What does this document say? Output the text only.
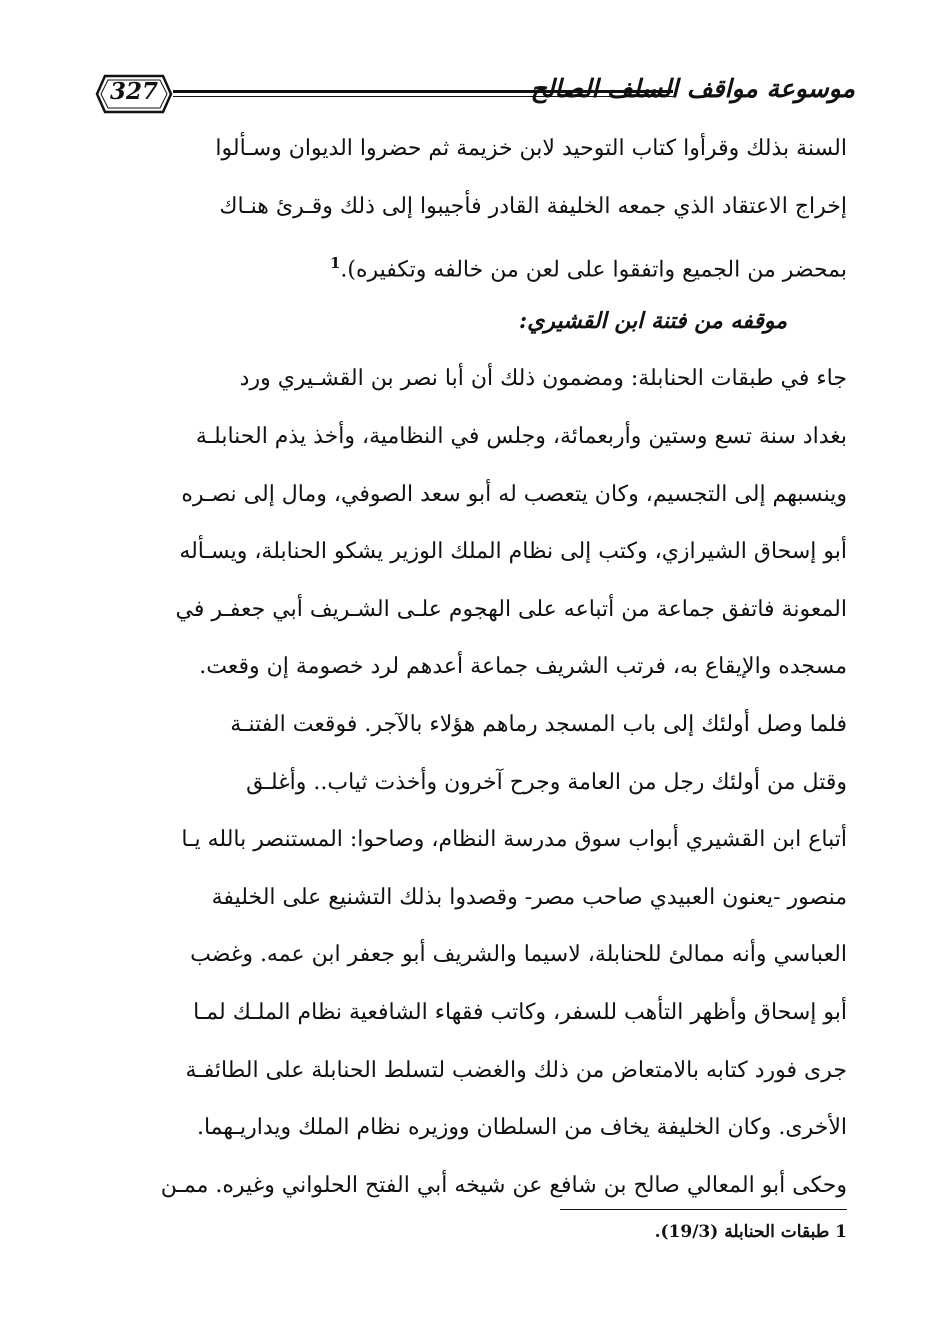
327	موسوعة مواقف السلف الصالح
السنة بذلك وقرأوا كتاب التوحيد لابن خزيمة ثم حضروا الديوان وسـألوا
إخراج الاعتقاد الذي جمعه الخليفة القادر فأجيبوا إلى ذلك وقـرئ هنـاك
بمحضر من الجميع واتفقوا على لعن من خالفه وتكفيره).$^1$
موقفه من فتنة ابن القشيري:
جاء في طبقات الحنابلة: ومضمون ذلك أن أبا نصر بن القشـيري ورد
بغداد سنة تسع وستين وأربعمائة، وجلس في النظامية، وأخذ يذم الحنابلـة
وينسبهم إلى التجسيم، وكان يتعصب له أبو سعد الصوفي، ومال إلى نصـره
أبو إسحاق الشيرازي، وكتب إلى نظام الملك الوزير يشكو الحنابلة، ويسـأله
المعونة فاتفق جماعة من أتباعه على الهجوم علـى الشـريف أبي جعفـر في
مسجده والإيقاع به، فرتب الشريف جماعة أعدهم لرد خصومة إن وقعت.
فلما وصل أولئك إلى باب المسجد رماهم هؤلاء بالآجر. فوقعت الفتنـة
وقتل من أولئك رجل من العامة وجرح آخرون وأخذت ثياب.. وأغلـق
أتباع ابن القشيري أبواب سوق مدرسة النظام، وصاحوا: المستنصر بالله يـا
منصور -يعنون العبيدي صاحب مصر- وقصدوا بذلك التشنيع على الخليفة
العباسي وأنه ممالئ للحنابلة، لاسيما والشريف أبو جعفر ابن عمه. وغضب
أبو إسحاق وأظهر التأهب للسفر، وكاتب فقهاء الشافعية نظام الملـك لمـا
جرى فورد كتابه بالامتعاض من ذلك والغضب لتسلط الحنابلة على الطائفـة
الأخرى. وكان الخليفة يخاف من السلطان ووزيره نظام الملك ويداريـهما.
وحكى أبو المعالي صالح بن شافع عن شيخه أبي الفتح الحلواني وغيره. ممـن
1 طبقات الحنابلة (19/3).
